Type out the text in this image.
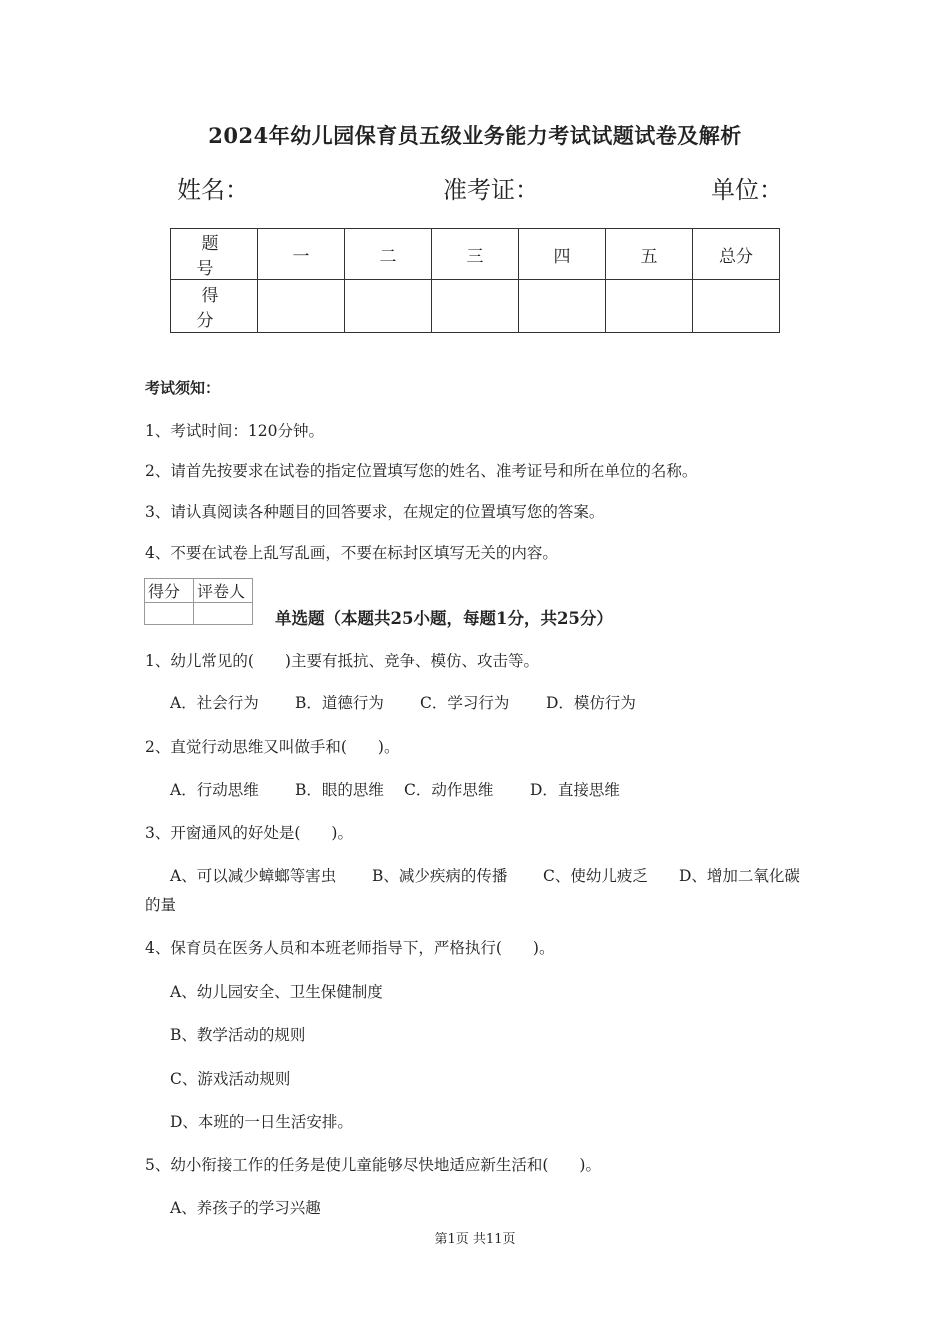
2024年幼儿园保育员五级业务能力考试试题试卷及解析
姓名：	准考证：	单位：
题　号	一	二	三	四	五	总分
得　分						
考试须知：
1、考试时间：120分钟。
2、请首先按要求在试卷的指定位置填写您的姓名、准考证号和所在单位的名称。
3、请认真阅读各种题目的回答要求，在规定的位置填写您的答案。
4、不要在试卷上乱写乱画，不要在标封区填写无关的内容。
得分	评卷人

单选题（本题共25小题，每题1分，共25分）
1、幼儿常见的(　　)主要有抵抗、竞争、模仿、攻击等。
A．社会行为 B．道德行为 C．学习行为 D．模仿行为
2、直觉行动思维又叫做手和(　　)。
A．行动思维 B．眼的思维 C．动作思维 D．直接思维
3、开窗通风的好处是(　　)。
A、可以减少蟑螂等害虫 B、减少疾病的传播 C、使幼儿疲乏 D、增加二氧化碳
的量
4、保育员在医务人员和本班老师指导下，严格执行(　　)。
A、幼儿园安全、卫生保健制度
B、教学活动的规则
C、游戏活动规则
D、本班的一日生活安排。
5、幼小衔接工作的任务是使儿童能够尽快地适应新生活和(　　)。
A、养孩子的学习兴趣
第1页 共11页
